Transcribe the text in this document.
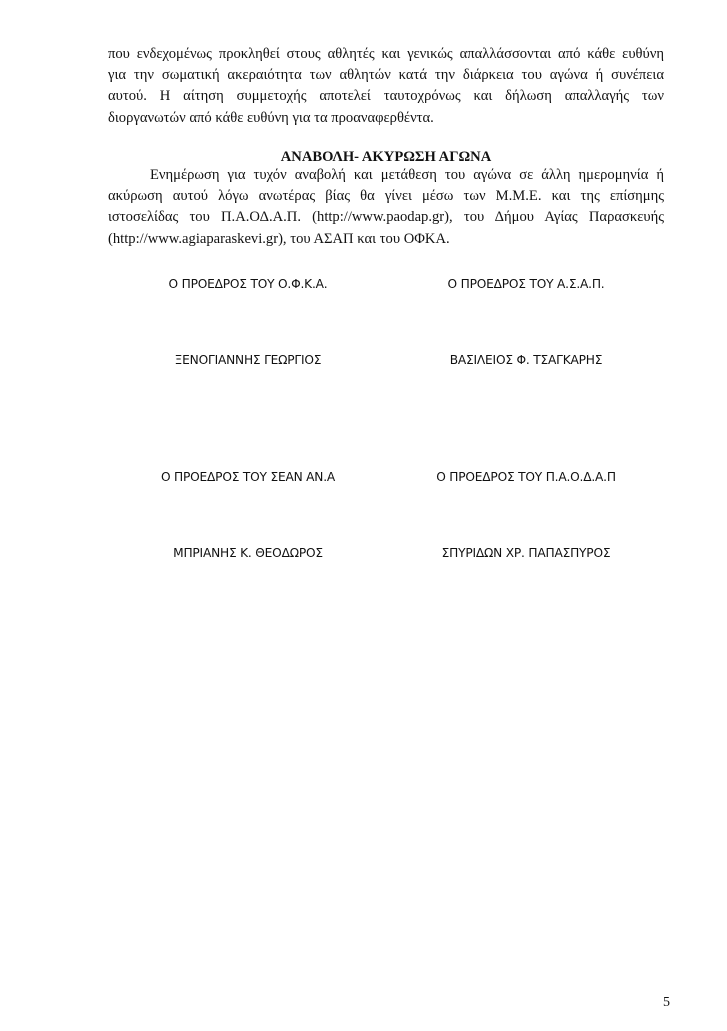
που ενδεχομένως προκληθεί στους αθλητές και γενικώς απαλλάσσονται από κάθε ευθύνη
για την σωματική ακεραιότητα των αθλητών κατά την διάρκεια του αγώνα ή συνέπεια
αυτού. Η αίτηση συμμετοχής αποτελεί ταυτοχρόνως και δήλωση απαλλαγής των
διοργανωτών από κάθε ευθύνη για τα προαναφερθέντα.
ΑΝΑΒΟΛΗ- ΑΚΥΡΩΣΗ ΑΓΩΝΑ
Ενημέρωση για τυχόν αναβολή και μετάθεση του αγώνα σε άλλη ημερομηνία ή
ακύρωση αυτού λόγω ανωτέρας βίας θα γίνει μέσω των Μ.Μ.Ε. και της επίσημης
ιστοσελίδας του Π.Α.ΟΔ.Α.Π. (http://www.paodap.gr), του Δήμου Αγίας Παρασκευής
(http://www.agiaparaskevi.gr), του ΑΣΑΠ και του ΟΦΚΑ.
Ο ΠΡΟΕΔΡΟΣ ΤΟΥ Ο.Φ.Κ.Α.	Ο ΠΡΟΕΔΡΟΣ ΤΟΥ Α.Σ.Α.Π.
ΞΕΝΟΓΙΑΝΝΗΣ ΓΕΩΡΓΙΟΣ	ΒΑΣΙΛΕΙΟΣ Φ. ΤΣΑΓΚΑΡΗΣ
Ο ΠΡΟΕΔΡΟΣ ΤΟΥ ΣΕΑΝ ΑΝ.Α	Ο ΠΡΟΕΔΡΟΣ ΤΟΥ Π.Α.Ο.Δ.Α.Π
ΜΠΡΙΑΝΗΣ Κ. ΘΕΟΔΩΡΟΣ	ΣΠΥΡΙΔΩΝ ΧΡ. ΠΑΠΑΣΠΥΡΟΣ
5
